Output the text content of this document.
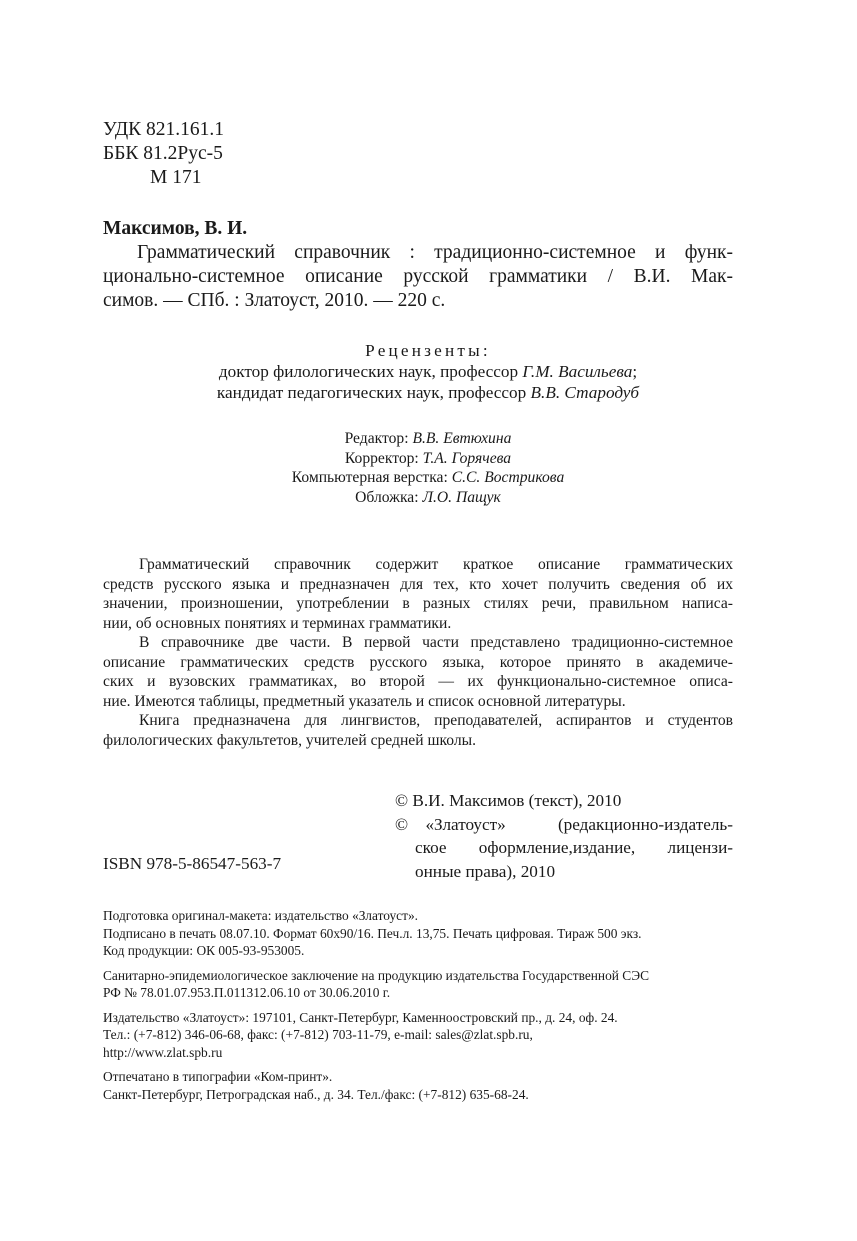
УДК 821.161.1
ББК 81.2Рус-5
М 171
Максимов, В. И.
Грамматический справочник : традиционно-системное и функ-
ционально-системное описание русской грамматики / В.И. Мак-
симов. — СПб. : Златоуст, 2010. — 220 с.
Рецензенты:
доктор филологических наук, профессор Г.М. Васильева;
кандидат педагогических наук, профессор В.В. Стародуб
Редактор: В.В. Евтюхина
Корректор: Т.А. Горячева
Компьютерная верстка: С.С. Вострикова
Обложка: Л.О. Пащук
Грамматический справочник содержит краткое описание грамматических
средств русского языка и предназначен для тех, кто хочет получить сведения об их
значении, произношении, употреблении в разных стилях речи, правильном написа-
нии, об основных понятиях и терминах грамматики.
В справочнике две части. В первой части представлено традиционно-системное
описание грамматических средств русского языка, которое принято в академиче-
ских и вузовских грамматиках, во второй — их функционально-системное описа-
ние. Имеются таблицы, предметный указатель и список основной литературы.
Книга предназначена для лингвистов, преподавателей, аспирантов и студентов
филологических факультетов, учителей средней школы.
© В.И. Максимов (текст), 2010
© «Златоуст»   (редакционно-издатель-
ское оформление,издание, лицензи-
онные права), 2010
ISBN 978-5-86547-563-7
Подготовка оригинал-макета: издательство «Златоуст».
Подписано в печать 08.07.10. Формат 60x90/16. Печ.л. 13,75. Печать цифровая. Тираж 500 экз.
Код продукции: ОК 005-93-953005.
Санитарно-эпидемиологическое заключение на продукцию издательства Государственной СЭС
РФ № 78.01.07.953.П.011312.06.10 от 30.06.2010 г.
Издательство «Златоуст»: 197101, Санкт-Петербург, Каменноостровский пр., д. 24, оф. 24.
Тел.: (+7-812) 346-06-68, факс: (+7-812) 703-11-79, e-mail: sales@zlat.spb.ru,
http://www.zlat.spb.ru
Отпечатано в типографии «Ком-принт».
Санкт-Петербург, Петроградская наб., д. 34. Тел./факс: (+7-812) 635-68-24.
